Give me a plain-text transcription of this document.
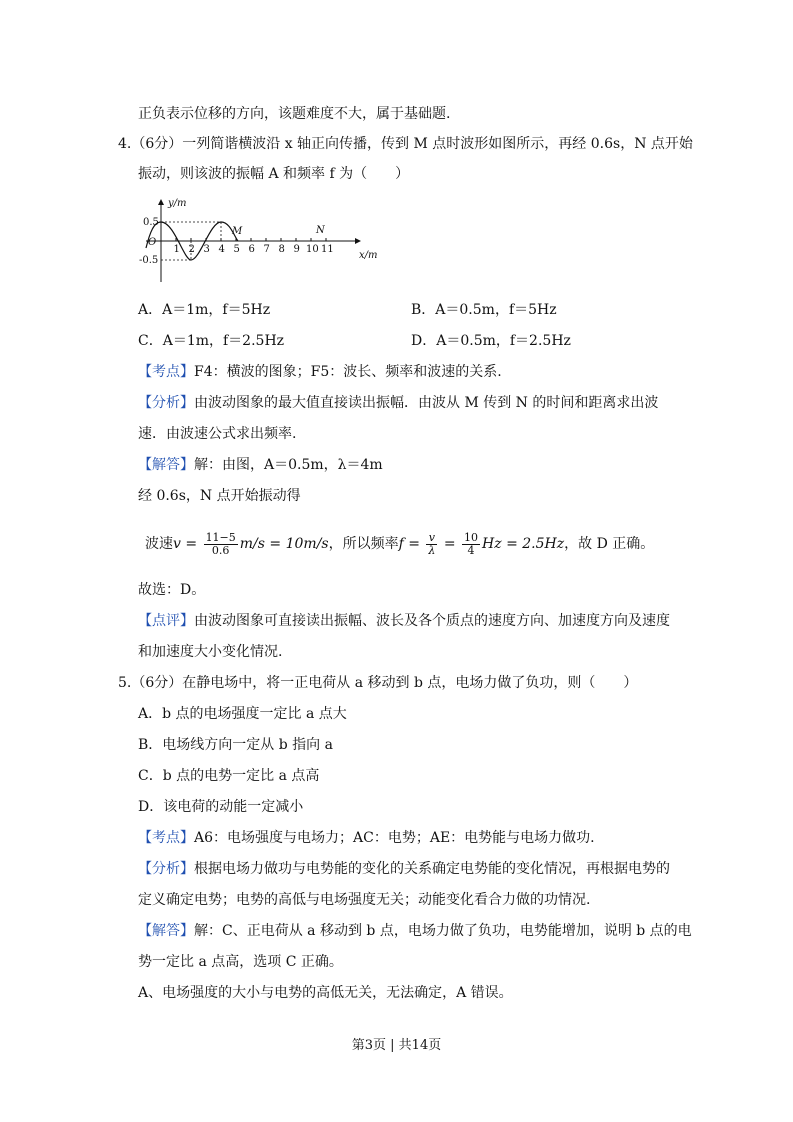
正负表示位移的方向，该题难度不大，属于基础题.
4.（6分）一列简谐横波沿 x 轴正向传播，传到 M 点时波形如图所示，再经 0.6s，N 点开始
振动，则该波的振幅 A 和频率 f 为（　　）
1 2 3 4 5 6 7 8 9 10 11
y/m
x/m
O
0.5
-0.5
M	N
A．A＝1m，f＝5Hz	B．A＝0.5m，f＝5Hz
C．A＝1m，f＝2.5Hz	D．A＝0.5m，f＝2.5Hz
【考点】F4：横波的图象；F5：波长、频率和波速的关系.
【分析】由波动图象的最大值直接读出振幅．由波从 M 传到 N 的时间和距离求出波
速．由波速公式求出频率.
【解答】解：由图，A＝0.5m，λ＝4m
经 0.6s，N 点开始振动得
波速$v = \frac{11-5}{0.6} m/s = 10m/s$，所以频率$f = \frac{v}{\lambda} = \frac{10}{4}$ Hz = 2.5Hz，故 D 正确。
故选：D。
【点评】由波动图象可直接读出振幅、波长及各个质点的速度方向、加速度方向及速度
和加速度大小变化情况.
5.（6分）在静电场中，将一正电荷从 a 移动到 b 点，电场力做了负功，则（　　）
A．b 点的电场强度一定比 a 点大
B．电场线方向一定从 b 指向 a
C．b 点的电势一定比 a 点高
D．该电荷的动能一定减小
【考点】A6：电场强度与电场力；AC：电势；AE：电势能与电场力做功.
【分析】根据电场力做功与电势能的变化的关系确定电势能的变化情况，再根据电势的
定义确定电势；电势的高低与电场强度无关；动能变化看合力做的功情况.
【解答】解：C、正电荷从 a 移动到 b 点，电场力做了负功，电势能增加，说明 b 点的电
势一定比 a 点高，选项 C 正确。
A、电场强度的大小与电势的高低无关，无法确定，A 错误。
第3页 | 共14页
